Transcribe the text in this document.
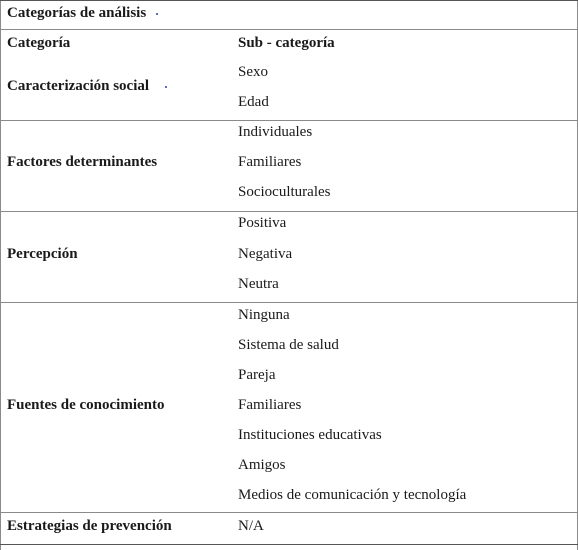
Categorías de análisis
Categoría	Sub - categoría
Caracterización social
Sexo
Edad
Factores determinantes
Individuales
Familiares
Socioculturales
Percepción
Positiva
Negativa
Neutra
Fuentes de conocimiento
Ninguna
Sistema de salud
Pareja
Familiares
Instituciones educativas
Amigos
Medios de comunicación y tecnología
Estrategias de prevención	N/A
